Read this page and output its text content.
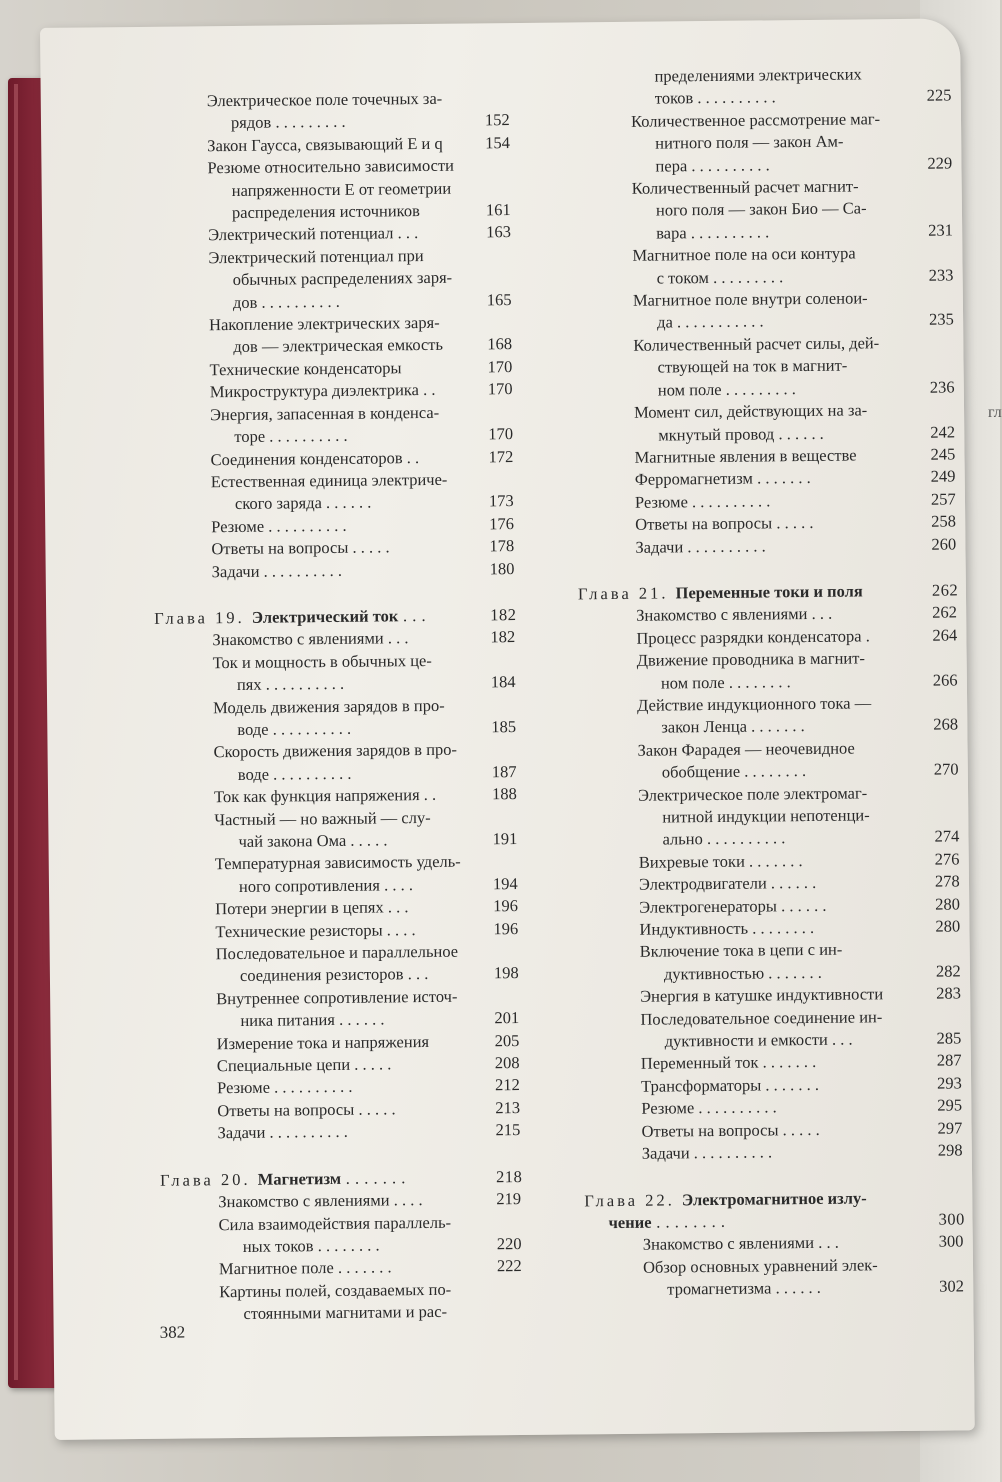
гл
Электрическое поле точечных за-
рядов . . . . . . . . .	152
Закон Гаусса, связывающий E и q	154
Резюме относительно зависимости
напряженности E от геометрии
распределения источников	161
Электрический потенциал . . .	163
Электрический потенциал при
обычных распределениях заря-
дов . . . . . . . . . .	165
Накопление электрических заря-
дов — электрическая емкость	168
Технические конденсаторы	170
Микроструктура диэлектрика . .	170
Энергия, запасенная в конденса-
торе . . . . . . . . . .	170
Соединения конденсаторов . .	172
Естественная единица электриче-
ского заряда . . . . . .	173
Резюме . . . . . . . . . .	176
Ответы на вопросы . . . . .	178
Задачи . . . . . . . . . .	180
Глава 19. Электрический ток . . .	182
Знакомство с явлениями . . .	182
Ток и мощность в обычных це-
пях . . . . . . . . . .	184
Модель движения зарядов в про-
воде . . . . . . . . . .	185
Скорость движения зарядов в про-
воде . . . . . . . . . .	187
Ток как функция напряжения . .	188
Частный — но важный — слу-
чай закона Ома . . . . .	191
Температурная зависимость удель-
ного сопротивления . . . .	194
Потери энергии в цепях . . .	196
Технические резисторы . . . .	196
Последовательное и параллельное
соединения резисторов . . .	198
Внутреннее сопротивление источ-
ника питания . . . . . .	201
Измерение тока и напряжения	205
Специальные цепи . . . . .	208
Резюме . . . . . . . . . .	212
Ответы на вопросы . . . . .	213
Задачи . . . . . . . . . .	215
Глава 20. Магнетизм . . . . . . .	218
Знакомство с явлениями . . . .	219
Сила взаимодействия параллель-
ных токов . . . . . . . .	220
Магнитное поле . . . . . . .	222
Картины полей, создаваемых по-
стоянными магнитами и рас-
пределениями электрических
токов . . . . . . . . . .	225
Количественное рассмотрение маг-
нитного поля — закон Ам-
пера . . . . . . . . . .	229
Количественный расчет магнит-
ного поля — закон Био — Са-
вара . . . . . . . . . .	231
Магнитное поле на оси контура
с током . . . . . . . . .	233
Магнитное поле внутри соленои-
да . . . . . . . . . . .	235
Количественный расчет силы, дей-
ствующей на ток в магнит-
ном поле . . . . . . . . .	236
Момент сил, действующих на за-
мкнутый провод . . . . . .	242
Магнитные явления в веществе	245
Ферромагнетизм . . . . . . .	249
Резюме . . . . . . . . . .	257
Ответы на вопросы . . . . .	258
Задачи . . . . . . . . . .	260
Глава 21. Переменные токи и поля	262
Знакомство с явлениями . . .	262
Процесс разрядки конденсатора .	264
Движение проводника в магнит-
ном поле . . . . . . . .	266
Действие индукционного тока —
закон Ленца . . . . . . .	268
Закон Фарадея — неочевидное
обобщение . . . . . . . .	270
Электрическое поле электромаг-
нитной индукции непотенци-
ально . . . . . . . . . .	274
Вихревые токи . . . . . . .	276
Электродвигатели . . . . . .	278
Электрогенераторы . . . . . .	280
Индуктивность . . . . . . . .	280
Включение тока в цепи с ин-
дуктивностью . . . . . . .	282
Энергия в катушке индуктивности	283
Последовательное соединение ин-
дуктивности и емкости . . .	285
Переменный ток . . . . . . .	287
Трансформаторы . . . . . . .	293
Резюме . . . . . . . . . .	295
Ответы на вопросы . . . . .	297
Задачи . . . . . . . . . .	298
Глава 22. Электромагнитное излу-
чение . . . . . . . .	300
Знакомство с явлениями . . .	300
Обзор основных уравнений элек-
тромагнетизма . . . . . .	302
382
